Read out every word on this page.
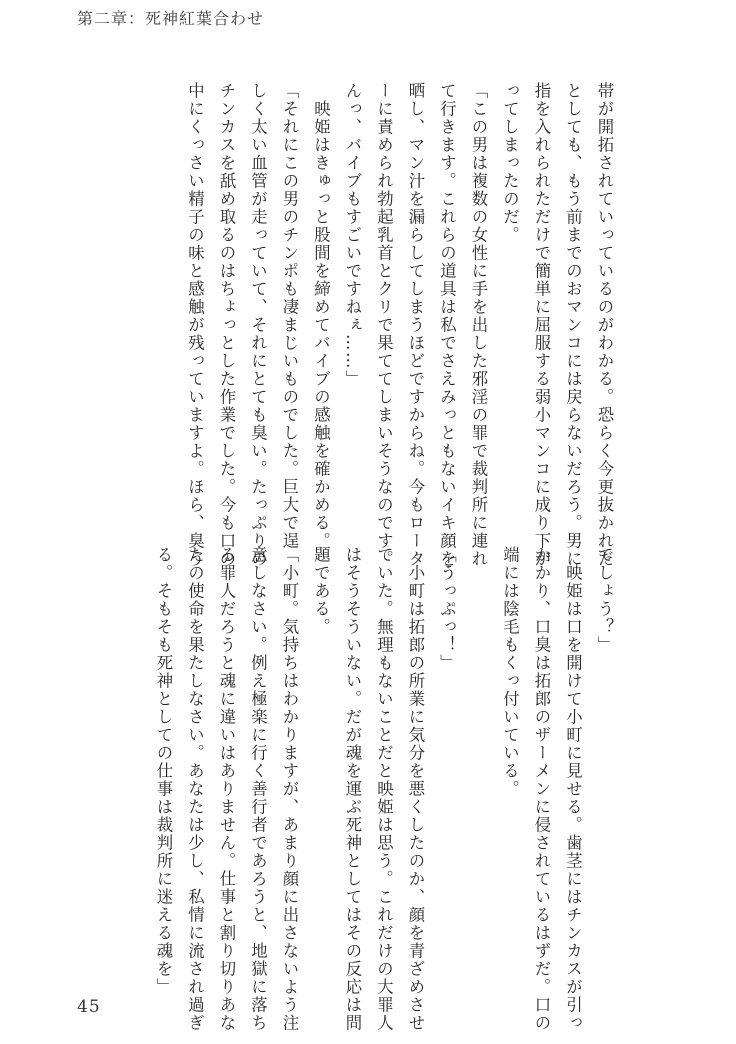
第二章：死神紅葉合わせ
帯が開拓されていっているのがわかる。恐らく今更抜かれた
としても、もう前までのおマンコには戻らないだろう。男に
指を入れられただけで簡単に屈服する弱小マンコに成り下が
ってしまったのだ。
「この男は複数の女性に手を出した邪淫の罪で裁判所に連れ
て行きます。これらの道具は私でさえみっともないイキ顔を
晒し、マン汁を漏らしてしまうほどですからね。今もロータ
ーに責められ勃起乳首とクリで果ててしまいそうなのです。
んっ、バイブもすごいですねぇ……」
　映姫はきゅっと股間を締めてバイブの感触を確かめる。
「それにこの男のチンポも凄まじいものでした。巨大で逞
しく太い血管が走っていて、それにとても臭い。たっぷりの
チンカスを舐め取るのはちょっとした作業でした。今も口の
中にくっさい精子の味と感触が残っていますよ。ほら、臭う
でしょう？」
　映姫は口を開けて小町に見せる。歯茎にはチンカスが引っ
かかり、口臭は拓郎のザーメンに侵されているはずだ。口の
端には陰毛もくっ付いている。
「うっぷっ！」
　小町は拓郎の所業に気分を悪くしたのか、顔を青ざめさせ
ていた。無理もないことだと映姫は思う。これだけの大罪人
はそうそういない。だが魂を運ぶ死神としてはその反応は問
題である。
「小町。気持ちはわかりますが、あまり顔に出さないよう注
意しなさい。例え極楽に行く善行者であろうと、地獄に落ち
る罪人だろうと魂に違いはありません。仕事と割り切りあな
たの使命を果たしなさい。あなたは少し、私情に流され過ぎ
る。そもそも死神としての仕事は裁判所に迷える魂を」
45
